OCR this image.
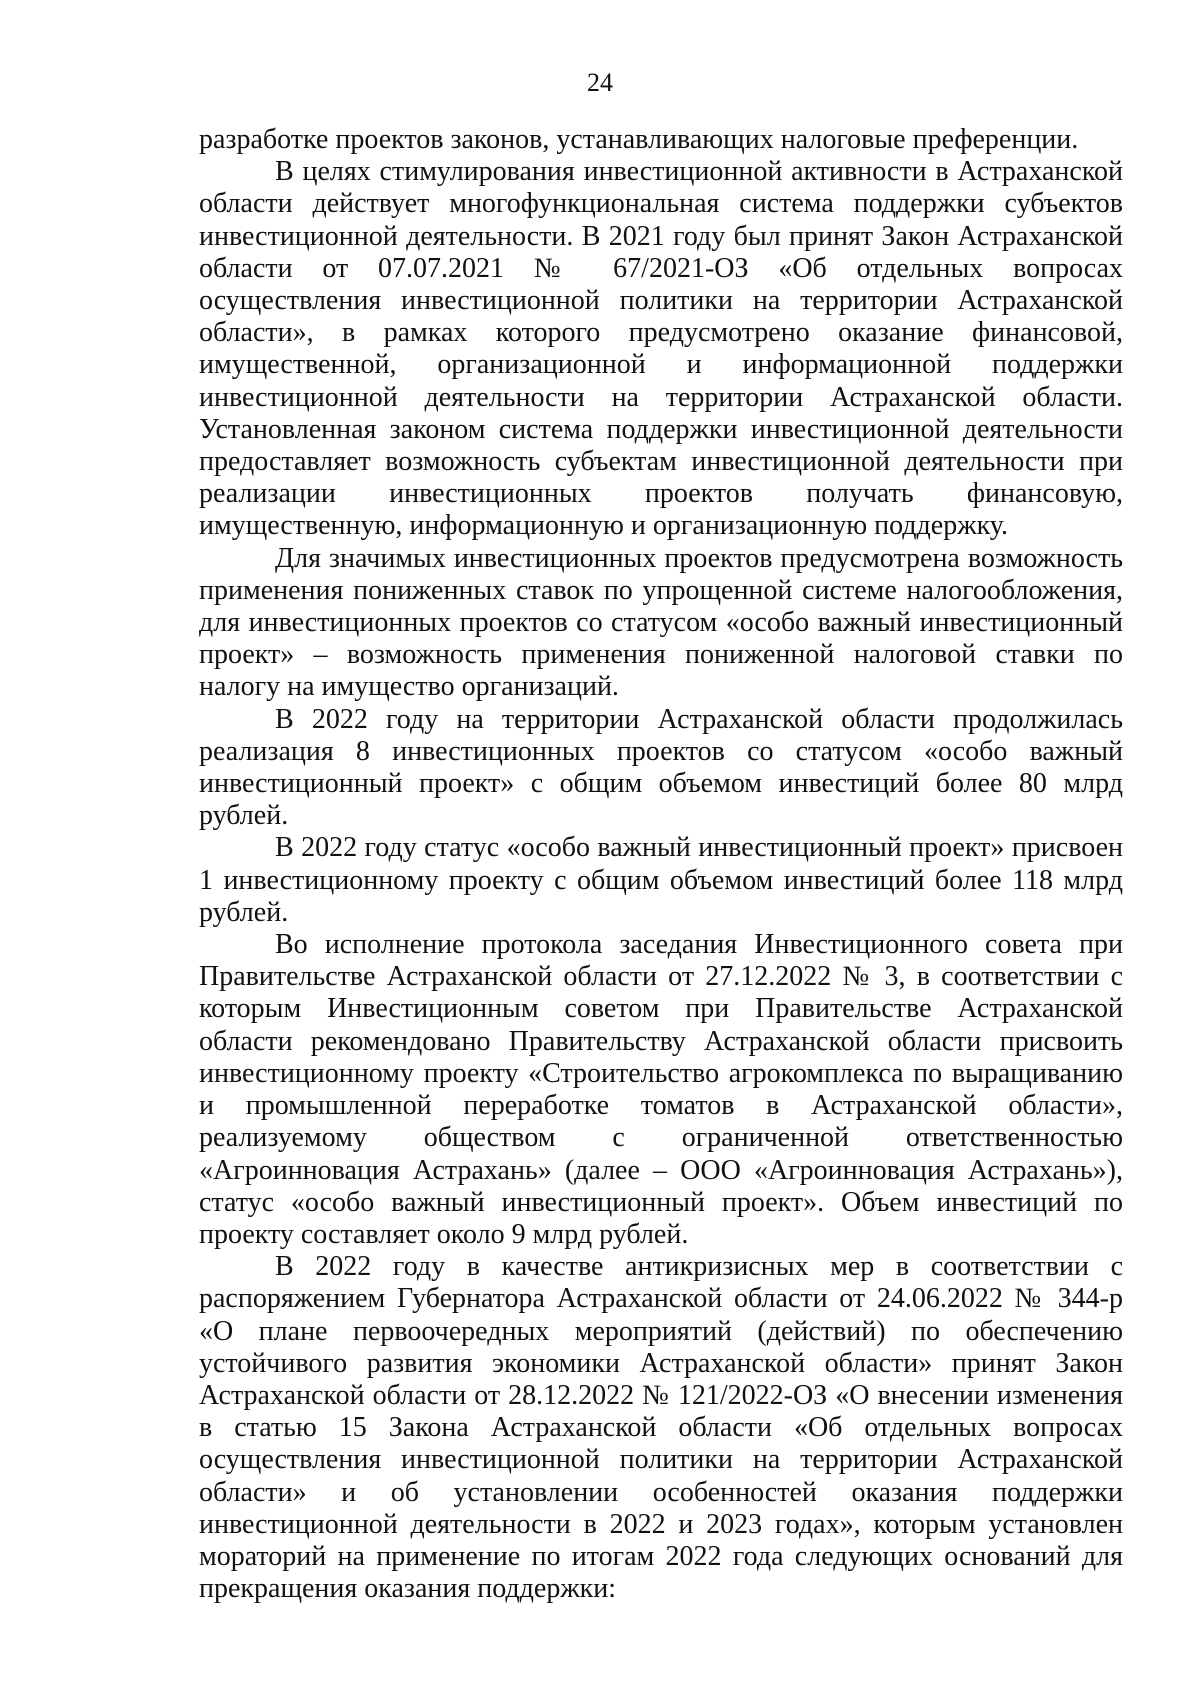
24

разработке проектов законов, устанавливающих налоговые преференции.

В целях стимулирования инвестиционной активности в Астраханской области действует многофункциональная система поддержки субъектов инвестиционной деятельности. В 2021 году был принят Закон Астраханской области от 07.07.2021 № 67/2021-ОЗ «Об отдельных вопросах осуществления инвестиционной политики на территории Астраханской области», в рамках которого предусмотрено оказание финансовой, имущественной, организационной и информационной поддержки инвестиционной деятельности на территории Астраханской области. Установленная законом система поддержки инвестиционной деятельности предоставляет возможность субъектам инвестиционной деятельности при реализации инвестиционных проектов получать финансовую, имущественную, информационную и организационную поддержку.

Для значимых инвестиционных проектов предусмотрена возможность применения пониженных ставок по упрощенной системе налогообложения, для инвестиционных проектов со статусом «особо важный инвестиционный проект» – возможность применения пониженной налоговой ставки по налогу на имущество организаций.

В 2022 году на территории Астраханской области продолжилась реализация 8 инвестиционных проектов со статусом «особо важный инвестиционный проект» с общим объемом инвестиций более 80 млрд рублей.

В 2022 году статус «особо важный инвестиционный проект» присвоен 1 инвестиционному проекту с общим объемом инвестиций более 118 млрд рублей.

Во исполнение протокола заседания Инвестиционного совета при Правительстве Астраханской области от 27.12.2022 № 3, в соответствии с которым Инвестиционным советом при Правительстве Астраханской области рекомендовано Правительству Астраханской области присвоить инвестиционному проекту «Строительство агрокомплекса по выращиванию и промышленной переработке томатов в Астраханской области», реализуемому обществом с ограниченной ответственностью «Агроинновация Астрахань» (далее – ООО «Агроинновация Астрахань»), статус «особо важный инвестиционный проект». Объем инвестиций по проекту составляет около 9 млрд рублей.

В 2022 году в качестве антикризисных мер в соответствии с распоряжением Губернатора Астраханской области от 24.06.2022 № 344-р «О плане первоочередных мероприятий (действий) по обеспечению устойчивого развития экономики Астраханской области» принят Закон Астраханской области от 28.12.2022 № 121/2022-ОЗ «О внесении изменения в статью 15 Закона Астраханской области «Об отдельных вопросах осуществления инвестиционной политики на территории Астраханской области» и об установлении особенностей оказания поддержки инвестиционной деятельности в 2022 и 2023 годах», которым установлен мораторий на применение по итогам 2022 года следующих оснований для прекращения оказания поддержки:
